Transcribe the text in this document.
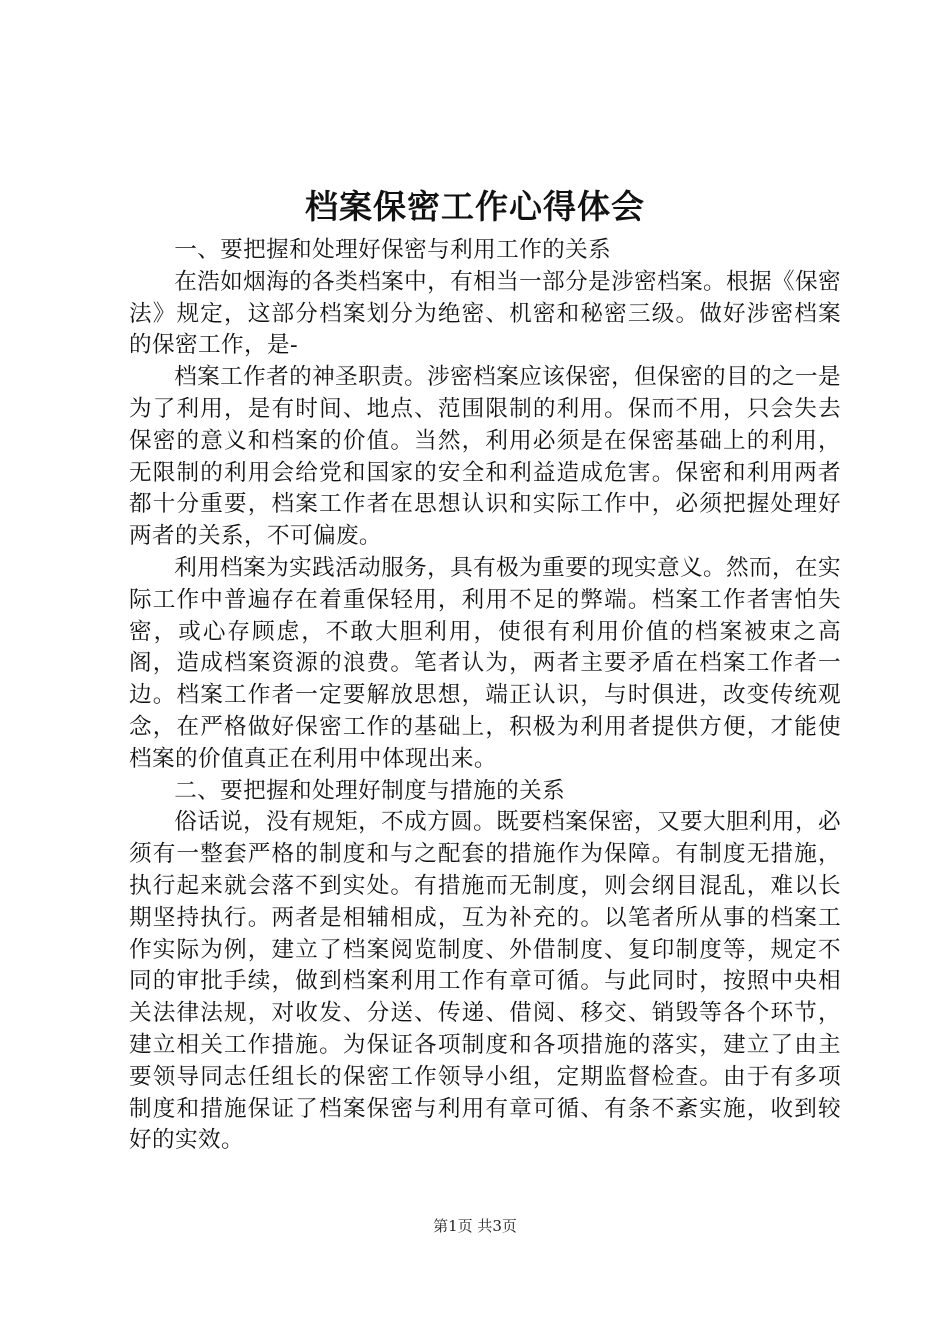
档案保密工作心得体会

一、要把握和处理好保密与利用工作的关系

在浩如烟海的各类档案中，有相当一部分是涉密档案。根据《保密法》规定，这部分档案划分为绝密、机密和秘密三级。做好涉密档案的保密工作，是-

档案工作者的神圣职责。涉密档案应该保密，但保密的目的之一是为了利用，是有时间、地点、范围限制的利用。保而不用，只会失去保密的意义和档案的价值。当然，利用必须是在保密基础上的利用，无限制的利用会给党和国家的安全和利益造成危害。保密和利用两者都十分重要，档案工作者在思想认识和实际工作中，必须把握处理好两者的关系，不可偏废。

利用档案为实践活动服务，具有极为重要的现实意义。然而，在实际工作中普遍存在着重保轻用，利用不足的弊端。档案工作者害怕失密，或心存顾虑，不敢大胆利用，使很有利用价值的档案被束之高阁，造成档案资源的浪费。笔者认为，两者主要矛盾在档案工作者一边。档案工作者一定要解放思想，端正认识，与时俱进，改变传统观念，在严格做好保密工作的基础上，积极为利用者提供方便，才能使档案的价值真正在利用中体现出来。

二、要把握和处理好制度与措施的关系

俗话说，没有规矩，不成方圆。既要档案保密，又要大胆利用，必须有一整套严格的制度和与之配套的措施作为保障。有制度无措施，执行起来就会落不到实处。有措施而无制度，则会纲目混乱，难以长期坚持执行。两者是相辅相成，互为补充的。以笔者所从事的档案工作实际为例，建立了档案阅览制度、外借制度、复印制度等，规定不同的审批手续，做到档案利用工作有章可循。与此同时，按照中央相关法律法规，对收发、分送、传递、借阅、移交、销毁等各个环节，建立相关工作措施。为保证各项制度和各项措施的落实，建立了由主要领导同志任组长的保密工作领导小组，定期监督检查。由于有多项制度和措施保证了档案保密与利用有章可循、有条不紊实施，收到较好的实效。

第1页 共3页
